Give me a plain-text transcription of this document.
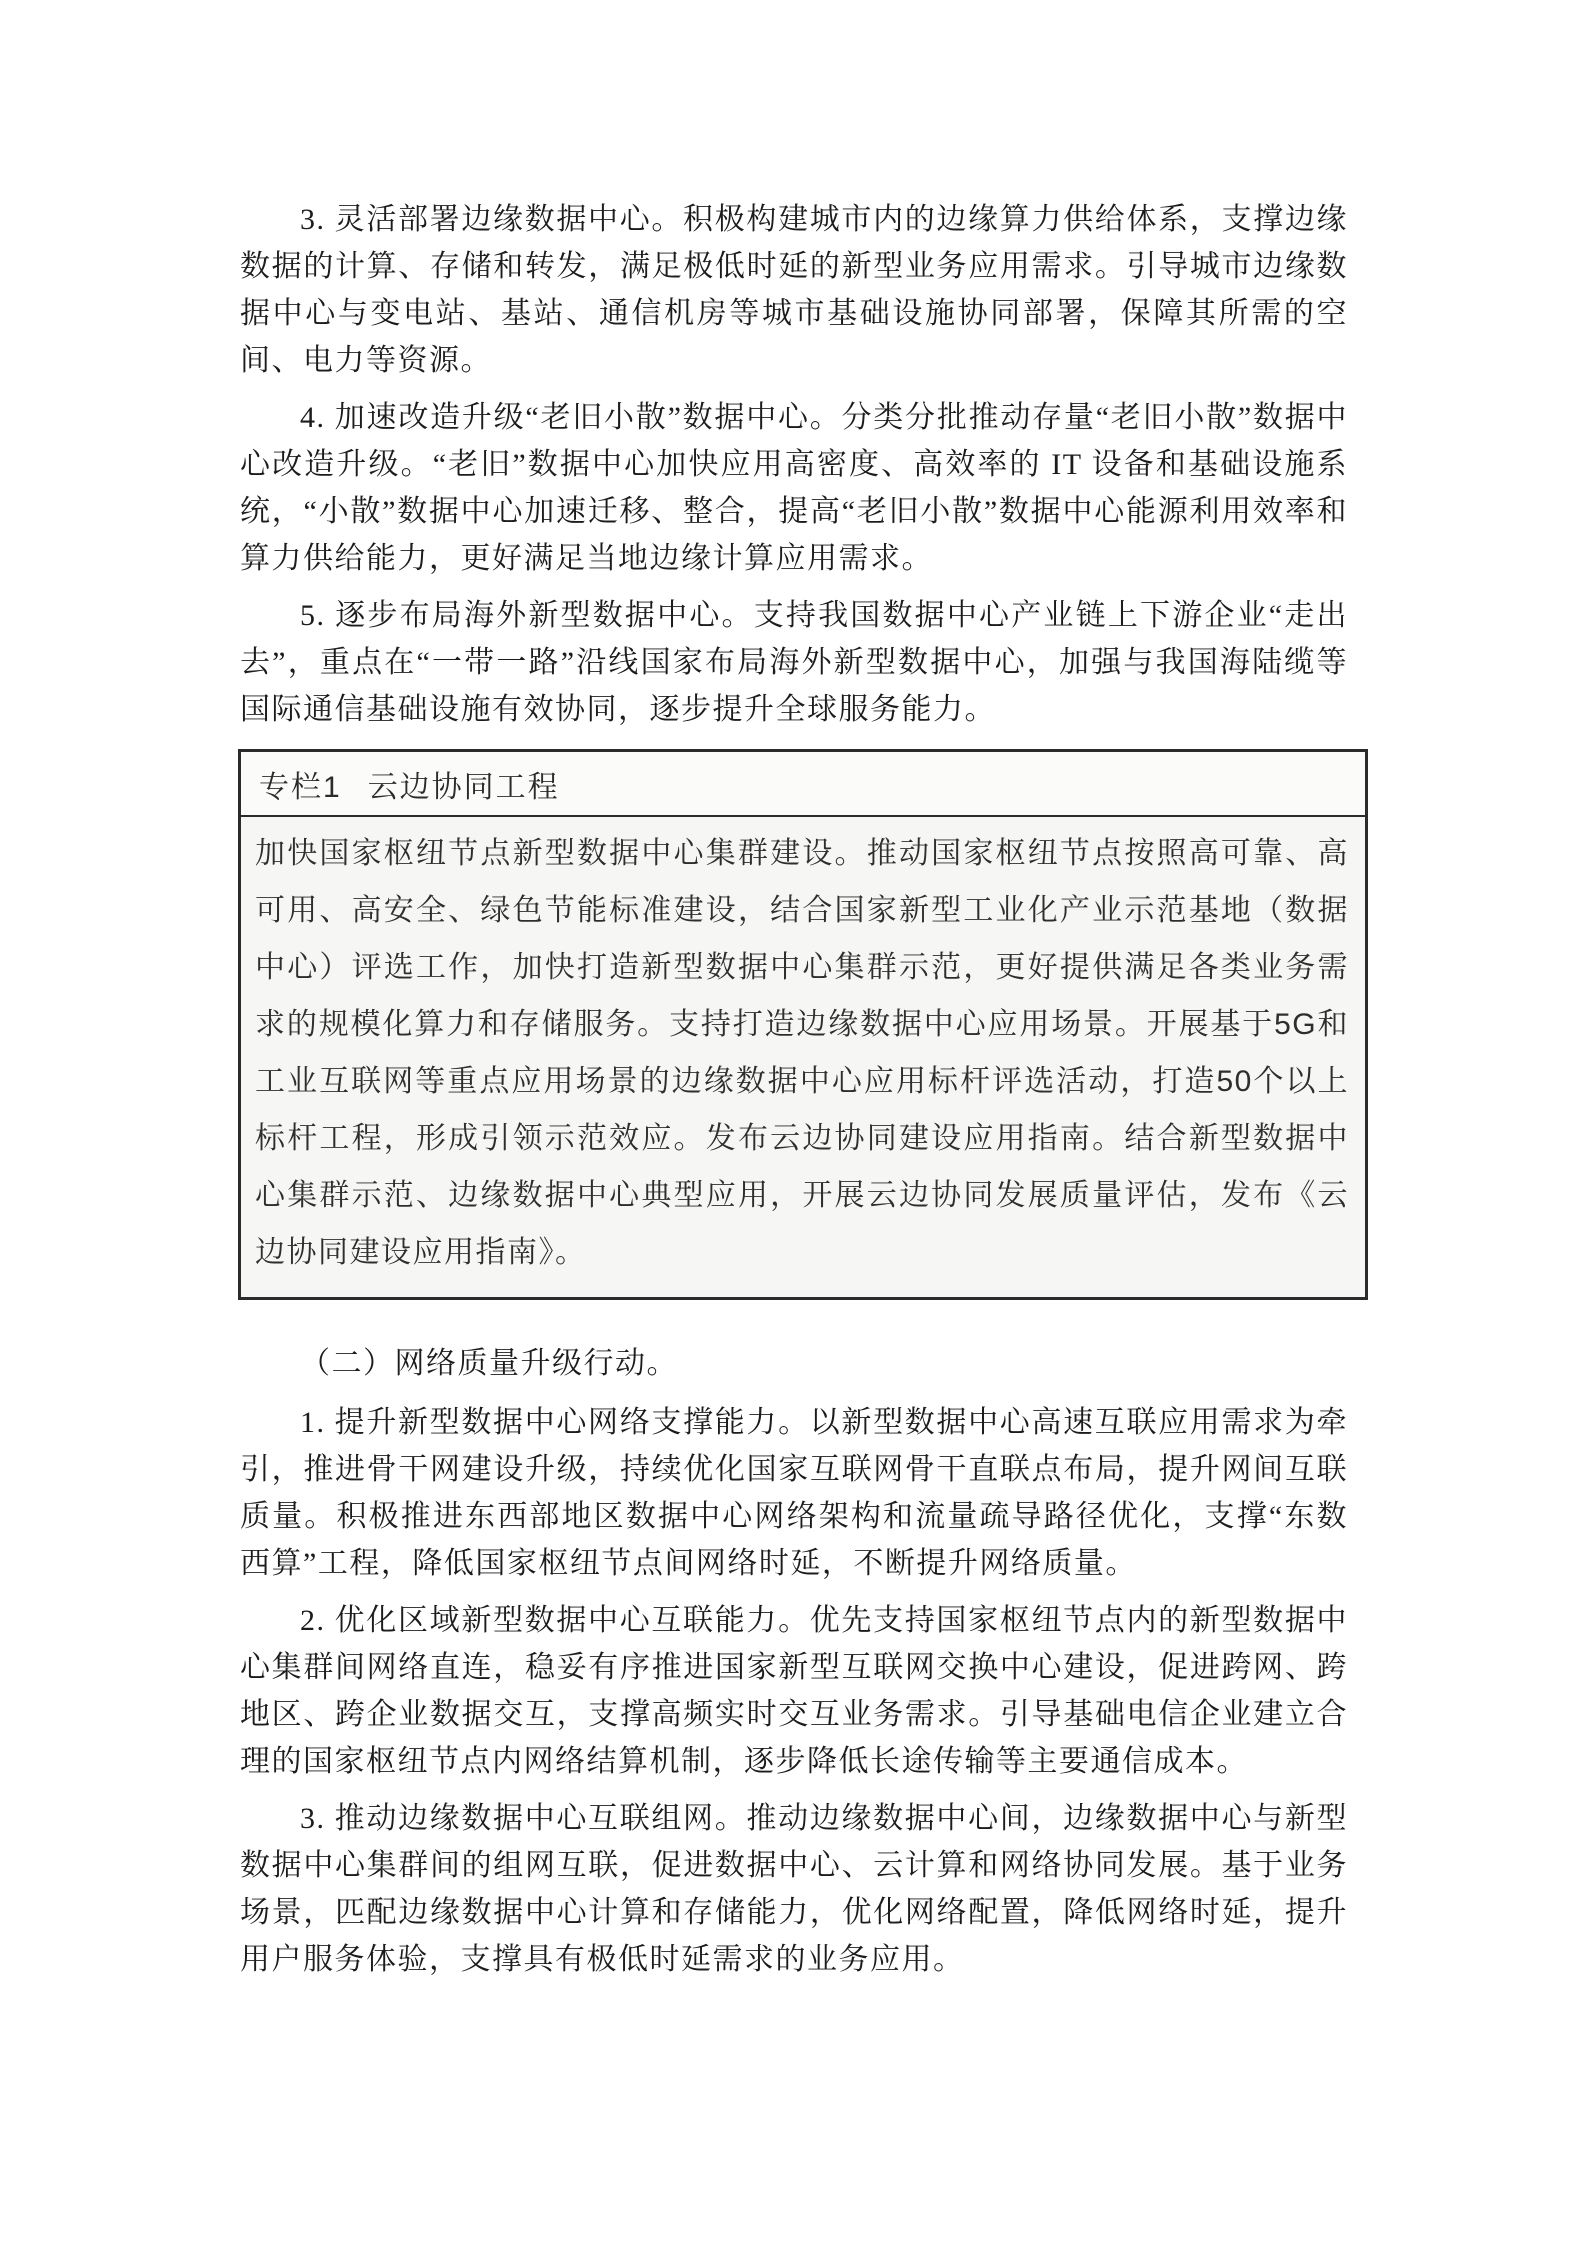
3. 灵活部署边缘数据中心。积极构建城市内的边缘算力供给体系，支撑边缘数据的计算、存储和转发，满足极低时延的新型业务应用需求。引导城市边缘数据中心与变电站、基站、通信机房等城市基础设施协同部署，保障其所需的空间、电力等资源。

4. 加速改造升级“老旧小散”数据中心。分类分批推动存量“老旧小散”数据中心改造升级。“老旧”数据中心加快应用高密度、高效率的 IT 设备和基础设施系统，“小散”数据中心加速迁移、整合，提高“老旧小散”数据中心能源利用效率和算力供给能力，更好满足当地边缘计算应用需求。

5. 逐步布局海外新型数据中心。支持我国数据中心产业链上下游企业“走出去”，重点在“一带一路”沿线国家布局海外新型数据中心，加强与我国海陆缆等国际通信基础设施有效协同，逐步提升全球服务能力。

专栏1 云边协同工程
加快国家枢纽节点新型数据中心集群建设。推动国家枢纽节点按照高可靠、高可用、高安全、绿色节能标准建设，结合国家新型工业化产业示范基地（数据中心）评选工作，加快打造新型数据中心集群示范，更好提供满足各类业务需求的规模化算力和存储服务。支持打造边缘数据中心应用场景。开展基于5G和工业互联网等重点应用场景的边缘数据中心应用标杆评选活动，打造50个以上标杆工程，形成引领示范效应。发布云边协同建设应用指南。结合新型数据中心集群示范、边缘数据中心典型应用，开展云边协同发展质量评估，发布《云边协同建设应用指南》。

（二）网络质量升级行动。

1. 提升新型数据中心网络支撑能力。以新型数据中心高速互联应用需求为牵引，推进骨干网建设升级，持续优化国家互联网骨干直联点布局，提升网间互联质量。积极推进东西部地区数据中心网络架构和流量疏导路径优化，支撑“东数西算”工程，降低国家枢纽节点间网络时延，不断提升网络质量。

2. 优化区域新型数据中心互联能力。优先支持国家枢纽节点内的新型数据中心集群间网络直连，稳妥有序推进国家新型互联网交换中心建设，促进跨网、跨地区、跨企业数据交互，支撑高频实时交互业务需求。引导基础电信企业建立合理的国家枢纽节点内网络结算机制，逐步降低长途传输等主要通信成本。

3. 推动边缘数据中心互联组网。推动边缘数据中心间，边缘数据中心与新型数据中心集群间的组网互联，促进数据中心、云计算和网络协同发展。基于业务场景，匹配边缘数据中心计算和存储能力，优化网络配置，降低网络时延，提升用户服务体验，支撑具有极低时延需求的业务应用。
